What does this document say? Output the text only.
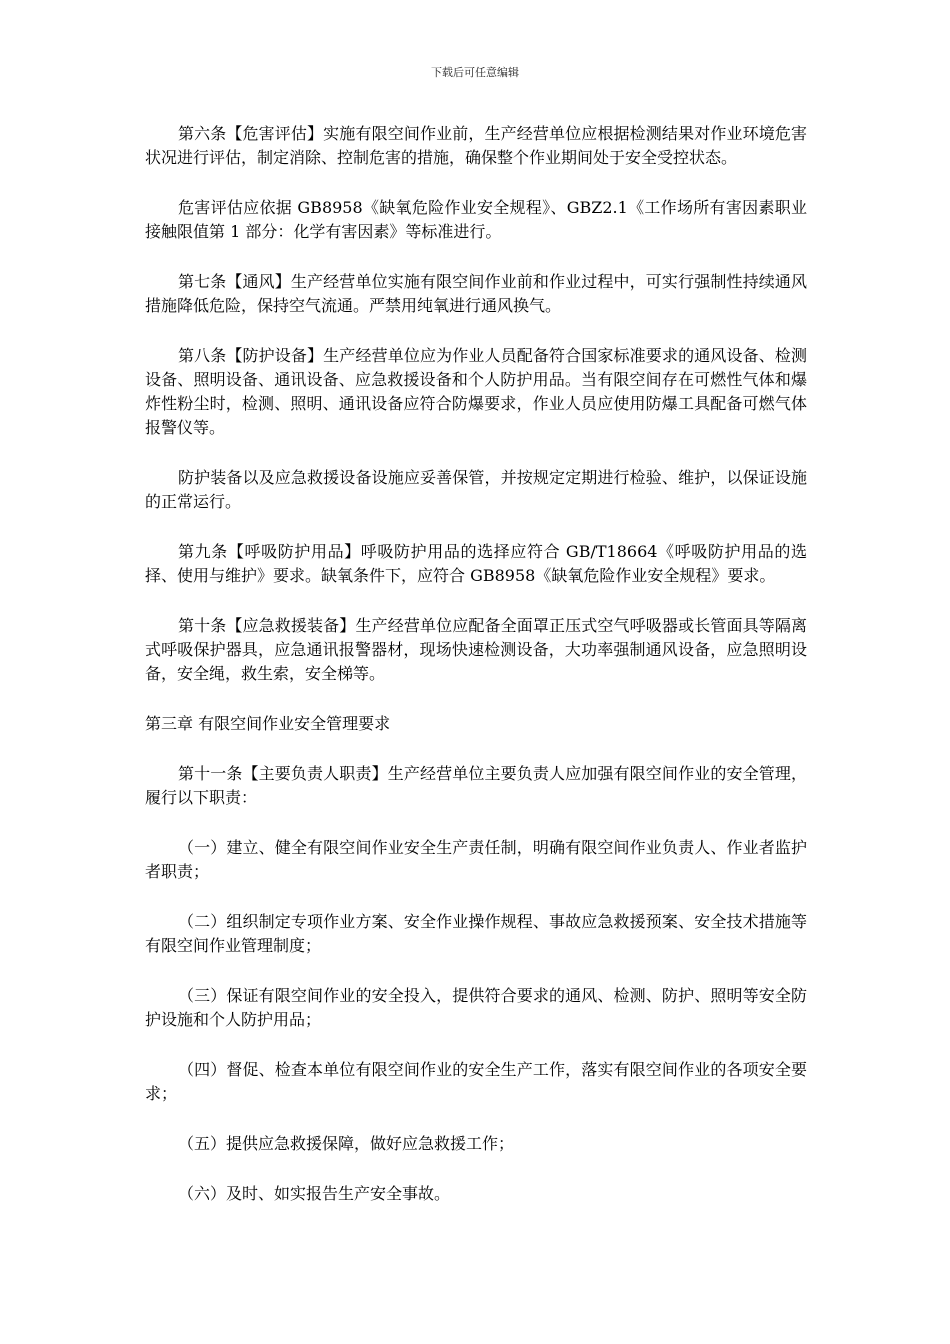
下载后可任意编辑

第六条【危害评估】实施有限空间作业前，生产经营单位应根据检测结果对作业环境危害状况进行评估，制定消除、控制危害的措施，确保整个作业期间处于安全受控状态。

危害评估应依据 GB8958《缺氧危险作业安全规程》、GBZ2.1《工作场所有害因素职业接触限值第 1 部分：化学有害因素》等标准进行。

第七条【通风】生产经营单位实施有限空间作业前和作业过程中，可实行强制性持续通风措施降低危险，保持空气流通。严禁用纯氧进行通风换气。

第八条【防护设备】生产经营单位应为作业人员配备符合国家标准要求的通风设备、检测设备、照明设备、通讯设备、应急救援设备和个人防护用品。当有限空间存在可燃性气体和爆炸性粉尘时，检测、照明、通讯设备应符合防爆要求，作业人员应使用防爆工具配备可燃气体报警仪等。

防护装备以及应急救援设备设施应妥善保管，并按规定定期进行检验、维护，以保证设施的正常运行。

第九条【呼吸防护用品】呼吸防护用品的选择应符合 GB/T18664《呼吸防护用品的选择、使用与维护》要求。缺氧条件下，应符合 GB8958《缺氧危险作业安全规程》要求。

第十条【应急救援装备】生产经营单位应配备全面罩正压式空气呼吸器或长管面具等隔离式呼吸保护器具，应急通讯报警器材，现场快速检测设备，大功率强制通风设备，应急照明设备，安全绳，救生索，安全梯等。

第三章 有限空间作业安全管理要求

第十一条【主要负责人职责】生产经营单位主要负责人应加强有限空间作业的安全管理，履行以下职责：

（一）建立、健全有限空间作业安全生产责任制，明确有限空间作业负责人、作业者监护者职责；

（二）组织制定专项作业方案、安全作业操作规程、事故应急救援预案、安全技术措施等有限空间作业管理制度；

（三）保证有限空间作业的安全投入，提供符合要求的通风、检测、防护、照明等安全防护设施和个人防护用品；

（四）督促、检查本单位有限空间作业的安全生产工作，落实有限空间作业的各项安全要求；

（五）提供应急救援保障，做好应急救援工作；

（六）及时、如实报告生产安全事故。
